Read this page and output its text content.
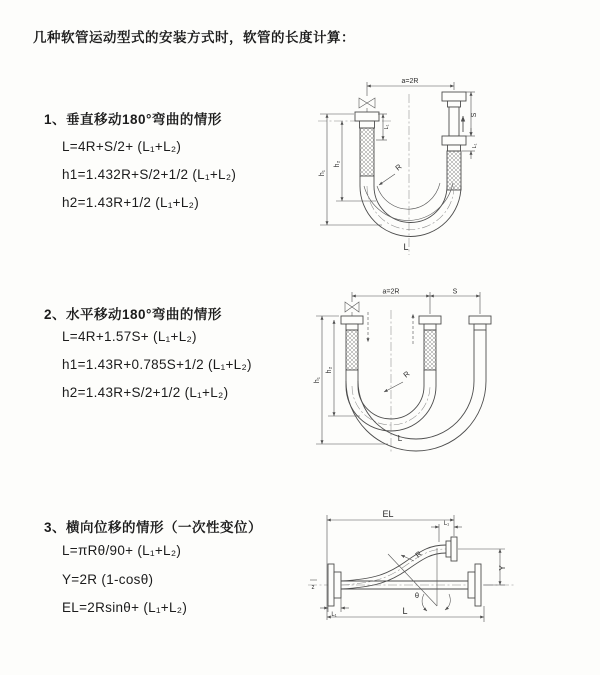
几种软管运动型式的安装方式时，软管的长度计算：
1、垂直移动180°弯曲的情形
L=4R+S/2+ (L₁+L₂)
h1=1.432R+S/2+1/2 (L₁+L₂)
h2=1.43R+1/2 (L₁+L₂)
a=2R
R
h₁
h₂
L₁
S
L₁
L
2、水平移动180°弯曲的情形
L=4R+1.57S+ (L₁+L₂)
h1=1.43R+0.785S+1/2 (L₁+L₂)
h2=1.43R+S/2+1/2 (L₁+L₂)
a=2R	S
R
h₁
h₂
L
3、横向位移的情形（一次性变位）
L=πRθ/90+ (L₁+L₂)
Y=2R (1-cosθ)
EL=2Rsinθ+ (L₁+L₂)
z
EL
L₁
Y
R
θ
L₁	L
